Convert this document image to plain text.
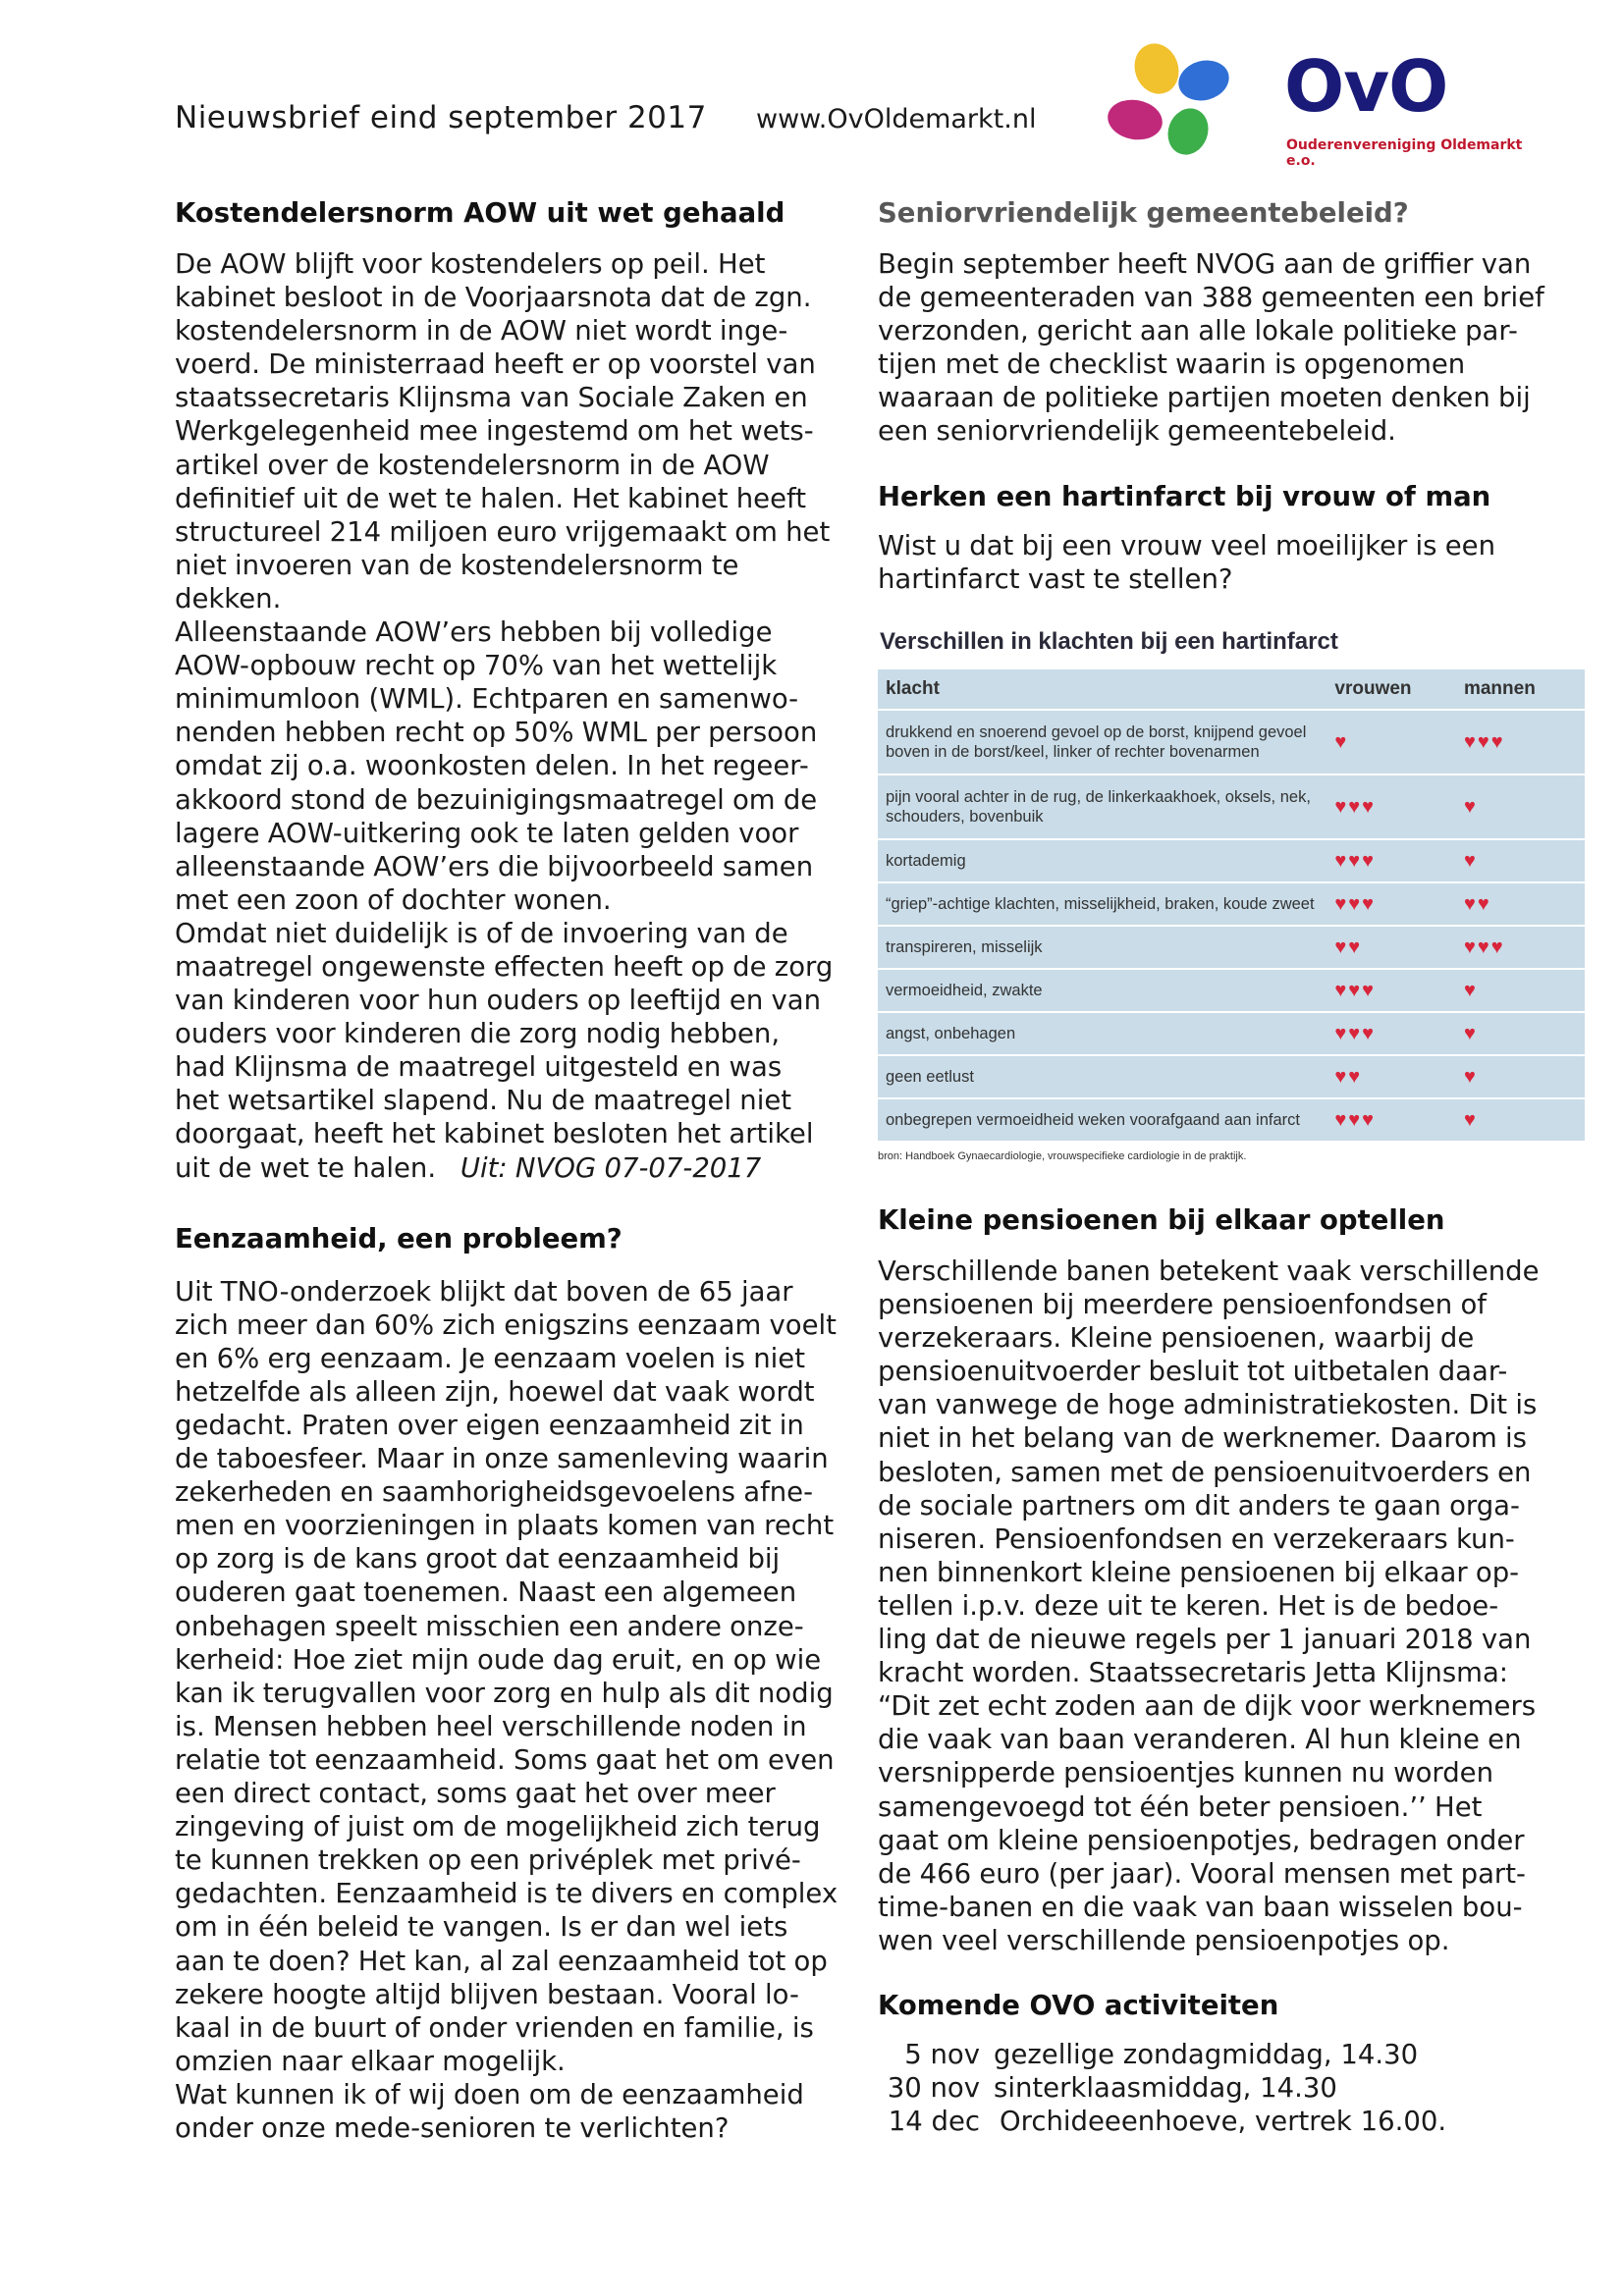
Nieuwsbrief eind september 2017 www.OvOldemarkt.nl	OvO
Ouderenvereniging Oldemarkt e.o.
Kostendelersnorm AOW uit wet gehaald

De AOW blijft voor kostendelers op peil. Het
kabinet besloot in de Voorjaarsnota dat de zgn.
kostendelersnorm in de AOW niet wordt inge-
voerd. De ministerraad heeft er op voorstel van
staatssecretaris Klijnsma van Sociale Zaken en
Werkgelegenheid mee ingestemd om het wets-
artikel over de kostendelersnorm in de AOW
definitief uit de wet te halen. Het kabinet heeft
structureel 214 miljoen euro vrijgemaakt om het
niet invoeren van de kostendelersnorm te
dekken.
Alleenstaande AOW’ers hebben bij volledige
AOW-opbouw recht op 70% van het wettelijk
minimumloon (WML). Echtparen en samenwo-
nenden hebben recht op 50% WML per persoon
omdat zij o.a. woonkosten delen. In het regeer-
akkoord stond de bezuinigingsmaatregel om de
lagere AOW-uitkering ook te laten gelden voor
alleenstaande AOW’ers die bijvoorbeeld samen
met een zoon of dochter wonen.
Omdat niet duidelijk is of de invoering van de
maatregel ongewenste effecten heeft op de zorg
van kinderen voor hun ouders op leeftijd en van
ouders voor kinderen die zorg nodig hebben,
had Klijnsma de maatregel uitgesteld en was
het wetsartikel slapend. Nu de maatregel niet
doorgaat, heeft het kabinet besloten het artikel
uit de wet te halen. Uit: NVOG 07-07-2017

Eenzaamheid, een probleem?

Uit TNO-onderzoek blijkt dat boven de 65 jaar
zich meer dan 60% zich enigszins eenzaam voelt
en 6% erg eenzaam. Je eenzaam voelen is niet
hetzelfde als alleen zijn, hoewel dat vaak wordt
gedacht. Praten over eigen eenzaamheid zit in
de taboesfeer. Maar in onze samenleving waarin
zekerheden en saamhorigheidsgevoelens afne-
men en voorzieningen in plaats komen van recht
op zorg is de kans groot dat eenzaamheid bij
ouderen gaat toenemen. Naast een algemeen
onbehagen speelt misschien een andere onze-
kerheid: Hoe ziet mijn oude dag eruit, en op wie
kan ik terugvallen voor zorg en hulp als dit nodig
is. Mensen hebben heel verschillende noden in
relatie tot eenzaamheid. Soms gaat het om even
een direct contact, soms gaat het over meer
zingeving of juist om de mogelijkheid zich terug
te kunnen trekken op een privéplek met privé-
gedachten. Eenzaamheid is te divers en complex
om in één beleid te vangen. Is er dan wel iets
aan te doen? Het kan, al zal eenzaamheid tot op
zekere hoogte altijd blijven bestaan. Vooral lo-
kaal in de buurt of onder vrienden en familie, is
omzien naar elkaar mogelijk.

Wat kunnen ik of wij doen om de eenzaamheid
onder onze mede-senioren te verlichten?

Seniorvriendelijk gemeentebeleid?

Begin september heeft NVOG aan de griffier van
de gemeenteraden van 388 gemeenten een brief
verzonden, gericht aan alle lokale politieke par-
tijen met de checklist waarin is opgenomen
waaraan de politieke partijen moeten denken bij
een seniorvriendelijk gemeentebeleid.

Herken een hartinfarct bij vrouw of man

Wist u dat bij een vrouw veel moeilijker is een
hartinfarct vast te stellen?

Verschillen in klachten bij een hartinfarct
klacht	vrouwen	mannen
drukkend en snoerend gevoel op de borst, knijpend gevoel boven in de borst/keel, linker of rechter bovenarmen	♥	♥♥♥
pijn vooral achter in de rug, de linkerkaakhoek, oksels, nek, schouders, bovenbuik	♥♥♥	♥
kortademig	♥♥♥	♥
“griep”-achtige klachten, misselijkheid, braken, koude zweet	♥♥♥	♥♥
transpireren, misselijk	♥♥	♥♥♥
vermoeidheid, zwakte	♥♥♥	♥
angst, onbehagen	♥♥♥	♥
geen eetlust	♥♥	♥
onbegrepen vermoeidheid weken voorafgaand aan infarct	♥♥♥	♥
bron: Handboek Gynaecardiologie, vrouwspecifieke cardiologie in de praktijk.
Kleine pensioenen bij elkaar optellen

Verschillende banen betekent vaak verschillende
pensioenen bij meerdere pensioenfondsen of
verzekeraars. Kleine pensioenen, waarbij de
pensioenuitvoerder besluit tot uitbetalen daar-
van vanwege de hoge administratiekosten. Dit is
niet in het belang van de werknemer. Daarom is
besloten, samen met de pensioenuitvoerders en
de sociale partners om dit anders te gaan orga-
niseren. Pensioenfondsen en verzekeraars kun-
nen binnenkort kleine pensioenen bij elkaar op-
tellen i.p.v. deze uit te keren. Het is de bedoe-
ling dat de nieuwe regels per 1 januari 2018 van
kracht worden. Staatssecretaris Jetta Klijnsma:
“Dit zet echt zoden aan de dijk voor werknemers
die vaak van baan veranderen. Al hun kleine en
versnipperde pensioentjes kunnen nu worden
samengevoegd tot één beter pensioen.’’ Het
gaat om kleine pensioenpotjes, bedragen onder
de 466 euro (per jaar). Vooral mensen met part-
time-banen en die vaak van baan wisselen bou-
wen veel verschillende pensioenpotjes op.

Komende OVO activiteiten
5 nov gezellige zondagmiddag, 14.30
30 nov sinterklaasmiddag, 14.30
14 dec Orchideeenhoeve, vertrek 16.00.
